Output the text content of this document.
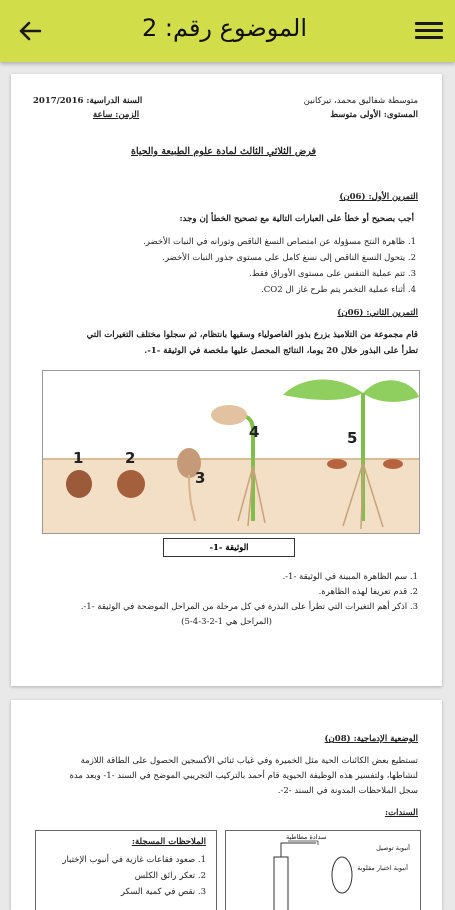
الموضوع رقم: 2
متوسطة شفاليق محمد، تيركانين
المستوى: الأولى متوسط
السنة الدراسية: 2017/2016
الزمن: ساعة
فرض الثلاثي الثالث لمادة علوم الطبيعة والحياة
التمرين الأول: (06ن)
أجب بصحيح أو خطأ على العبارات التالية مع تصحيح الخطأ إن وجد:
1. ظاهرة النتح مسؤولة عن امتصاص النسغ الناقص وتورانه في النبات الأخضر.
2. يتحول النسغ الناقص إلى نسغ كامل على مستوى جذور النبات الأخضر.
3. تتم عملية التنفس على مستوى الأوراق فقط.
4. أثناء عملية التخمر يتم طرح غاز ال CO2.
التمرين الثاني: (06ن)
قام مجموعة من التلاميذ بزرع بذور الفاصولياء وسقيها بانتظام، ثم سجلوا مختلف التغيرات التي
تطرأ على البذور خلال 20 يوما، النتائج المحصل عليها ملخصة في الوثيقة -1-.
1	2
3
4	5
الوثيقة -1-
1. سم الظاهرة المبينة في الوثيقة -1-.
2. قدم تعريفا لهذه الظاهرة.
3. اذكر أهم التغيرات التي تطرأ على البذرة في كل مرحلة من المراحل الموضحة في الوثيقة -1-.
(المراحل هي 1-2-3-4-5)
الوضعية الإدماجية: (08ن)
تستطيع بعض الكائنات الحية مثل الخميرة وفي غياب ثنائي الأكسجين الحصول على الطاقة اللازمة
لنشاطها، ولتفسير هذه الوظيفة الحيوية قام أحمد بالتركيب التجريبي الموضح في السند -1- وبعد مدة
سجل الملاحظات المدونة في السند -2-.
السندات:
سدادة مطاطية
أنبوبة توصيل
أنبوبة اختبار مقلوبة
الملاحظات المسجلة:
1. صعود فقاعات غازية في أنبوب الإختبار
2. تعكر رائق الكلس
3. نقص في كمية السكر
